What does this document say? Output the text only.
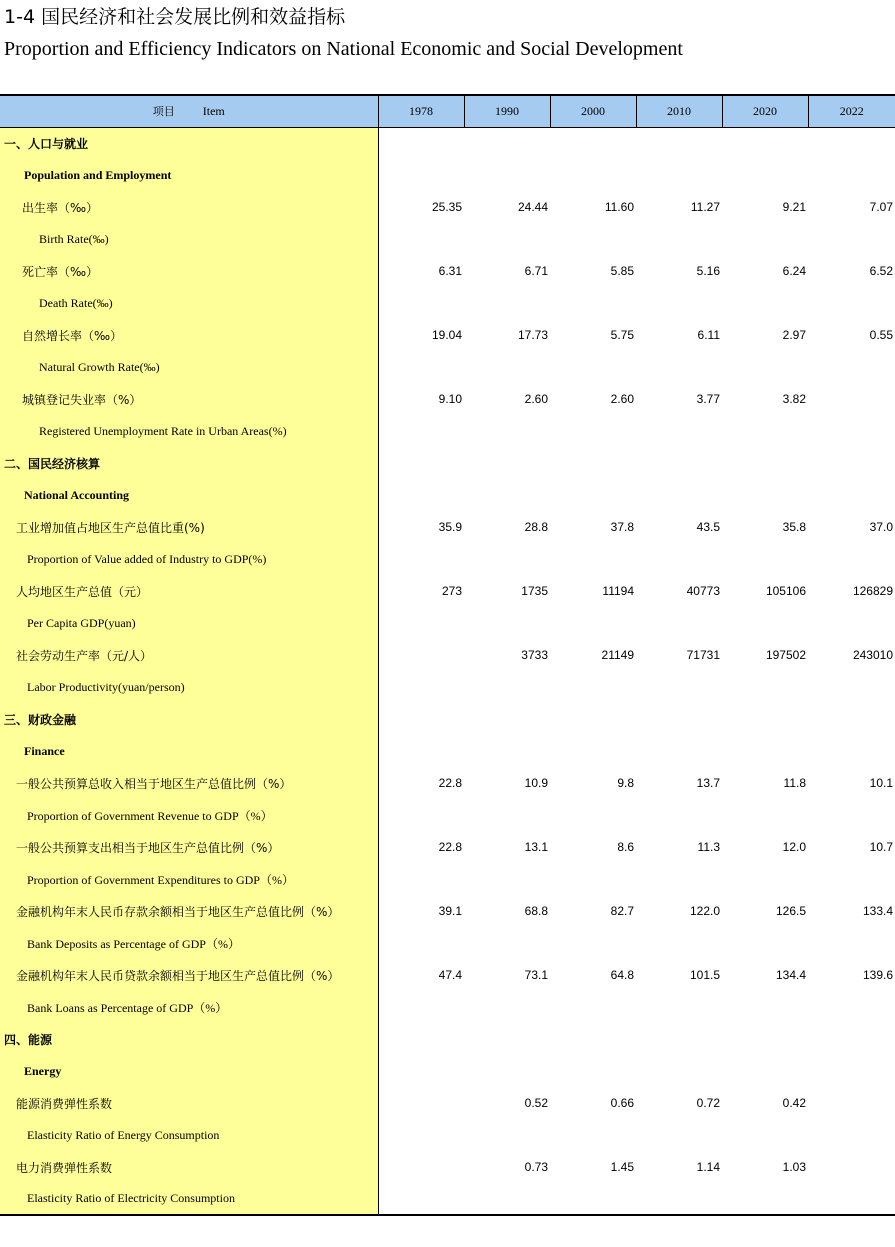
1-4 国民经济和社会发展比例和效益指标
Proportion and Efficiency Indicators on National Economic and Social Development
项目 Item	1978	1990	2000	2010	2020	2022
一、人口与就业						
Population and Employment						
出生率（‰）	25.35	24.44	11.60	11.27	9.21	7.07
Birth Rate(‰)						
死亡率（‰）	6.31	6.71	5.85	5.16	6.24	6.52
Death Rate(‰)						
自然增长率（‰）	19.04	17.73	5.75	6.11	2.97	0.55
Natural Growth Rate(‰)						
城镇登记失业率（%）	9.10	2.60	2.60	3.77	3.82	
Registered Unemployment Rate in Urban Areas(%)						
二、国民经济核算						
National Accounting						
工业增加值占地区生产总值比重(%)	35.9	28.8	37.8	43.5	35.8	37.0
Proportion of Value added of Industry to GDP(%)						
人均地区生产总值（元）	273	1735	11194	40773	105106	126829
Per Capita GDP(yuan)						
社会劳动生产率（元/人）		3733	21149	71731	197502	243010
Labor Productivity(yuan/person)						
三、财政金融						
Finance						
一般公共预算总收入相当于地区生产总值比例（%）	22.8	10.9	9.8	13.7	11.8	10.1
Proportion of Government Revenue to GDP（%）						
一般公共预算支出相当于地区生产总值比例（%）	22.8	13.1	8.6	11.3	12.0	10.7
Proportion of Government Expenditures to GDP（%）						
金融机构年末人民币存款余额相当于地区生产总值比例（%）	39.1	68.8	82.7	122.0	126.5	133.4
Bank Deposits as Percentage of GDP（%）						
金融机构年末人民币贷款余额相当于地区生产总值比例（%）	47.4	73.1	64.8	101.5	134.4	139.6
Bank Loans as Percentage of GDP（%）						
四、能源						
Energy						
能源消费弹性系数		0.52	0.66	0.72	0.42	
Elasticity Ratio of Energy Consumption						
电力消费弹性系数		0.73	1.45	1.14	1.03	
Elasticity Ratio of Electricity Consumption						
